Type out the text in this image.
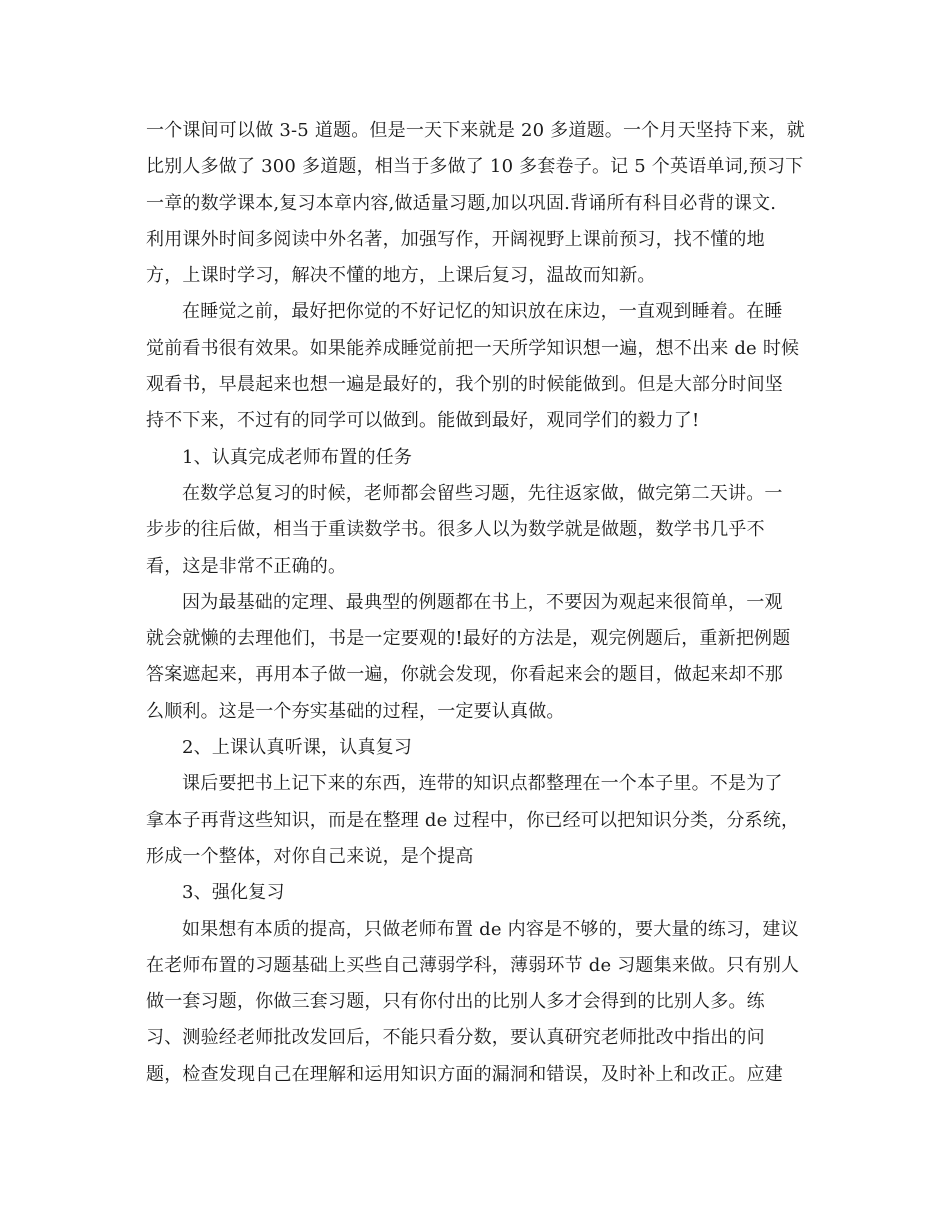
一个课间可以做 3-5 道题。但是一天下来就是 20 多道题。一个月天坚持下来，就
比别人多做了 300 多道题，相当于多做了 10 多套卷子。记 5 个英语单词,预习下
一章的数学课本,复习本章内容,做适量习题,加以巩固.背诵所有科目必背的课文.
利用课外时间多阅读中外名著，加强写作，开阔视野上课前预习，找不懂的地
方，上课时学习，解决不懂的地方，上课后复习，温故而知新。
在睡觉之前，最好把你觉的不好记忆的知识放在床边，一直观到睡着。在睡
觉前看书很有效果。如果能养成睡觉前把一天所学知识想一遍，想不出来 de 时候
观看书，早晨起来也想一遍是最好的，我个别的时候能做到。但是大部分时间坚
持不下来，不过有的同学可以做到。能做到最好，观同学们的毅力了!
1、认真完成老师布置的任务
在数学总复习的时候，老师都会留些习题，先往返家做，做完第二天讲。一
步步的往后做，相当于重读数学书。很多人以为数学就是做题，数学书几乎不
看，这是非常不正确的。
因为最基础的定理、最典型的例题都在书上，不要因为观起来很简单，一观
就会就懒的去理他们，书是一定要观的!最好的方法是，观完例题后，重新把例题
答案遮起来，再用本子做一遍，你就会发现，你看起来会的题目，做起来却不那
么顺利。这是一个夯实基础的过程，一定要认真做。
2、上课认真听课，认真复习
课后要把书上记下来的东西，连带的知识点都整理在一个本子里。不是为了
拿本子再背这些知识，而是在整理 de 过程中，你已经可以把知识分类，分系统，
形成一个整体，对你自己来说，是个提高
3、强化复习
如果想有本质的提高，只做老师布置 de 内容是不够的，要大量的练习，建议
在老师布置的习题基础上买些自己薄弱学科，薄弱环节 de 习题集来做。只有别人
做一套习题，你做三套习题，只有你付出的比别人多才会得到的比别人多。练
习、测验经老师批改发回后，不能只看分数，要认真研究老师批改中指出的问
题，检查发现自己在理解和运用知识方面的漏洞和错误，及时补上和改正。应建
